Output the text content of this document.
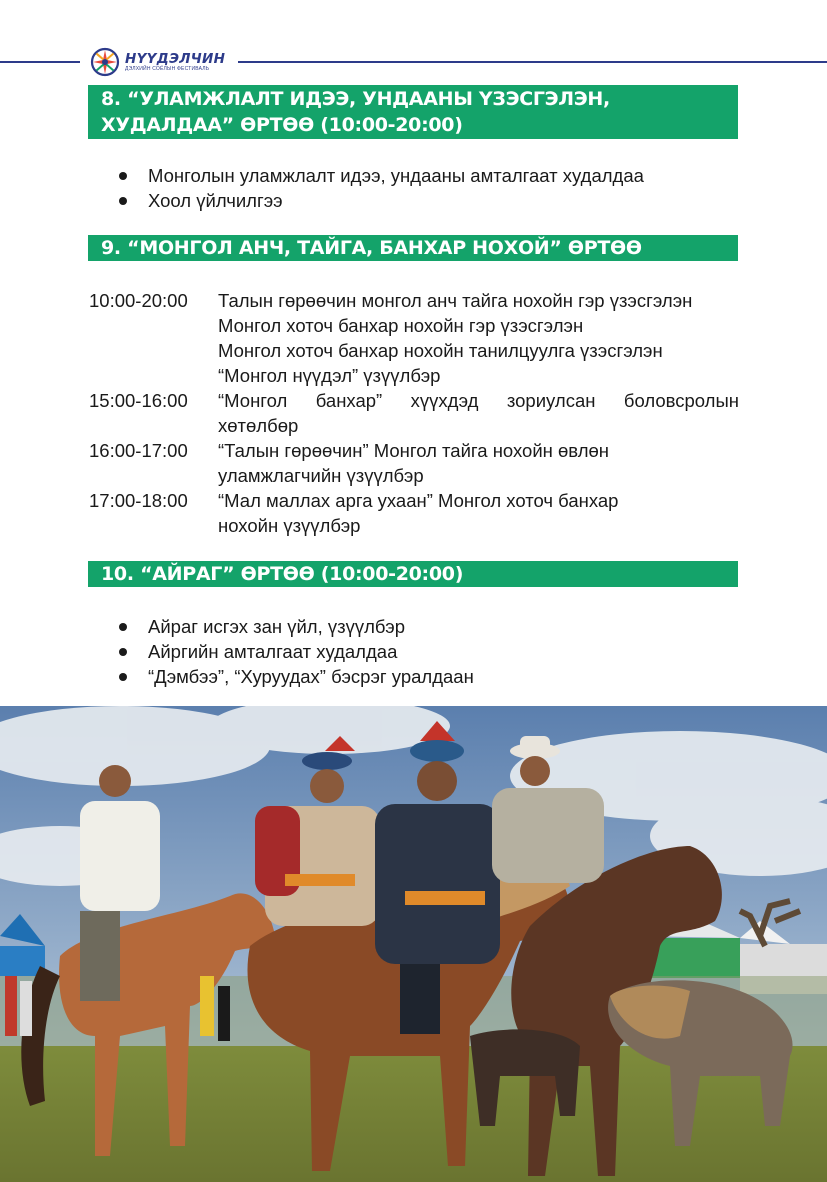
НҮҮДЭЛЧИН
ДЭЛХИЙН СОЁЛЫН ФЕСТИВАЛЬ
8. “УЛАМЖЛАЛТ ИДЭЭ, УНДААНЫ ҮЗЭСГЭЛЭН,
ХУДАЛДАА” ӨРТӨӨ (10:00-20:00)
Монголын уламжлалт идээ, ундааны амталгаат худалдаа
Хоол үйлчилгээ
9. “МОНГОЛ АНЧ, ТАЙГА, БАНХАР НОХОЙ” ӨРТӨӨ
10:00-20:00	Талын гөрөөчин монгол анч тайга нохойн гэр үзэсгэлэн
Монгол хоточ банхар нохойн гэр үзэсгэлэн
Монгол хоточ банхар нохойн танилцуулга үзэсгэлэн
“Монгол нүүдэл” үзүүлбэр
15:00-16:00	“Монгол банхар” хүүхдэд зориулсан боловсролын
хөтөлбөр
16:00-17:00	“Талын гөрөөчин” Монгол тайга нохойн өвлөн
уламжлагчийн үзүүлбэр
17:00-18:00	“Мал маллах арга ухаан” Монгол хоточ банхар
нохойн үзүүлбэр
10. “АЙРАГ” ӨРТӨӨ (10:00-20:00)
Айраг исгэх зан үйл, үзүүлбэр
Айргийн амталгаат худалдаа
“Дэмбээ”, “Хуруудах” бэсрэг уралдаан
